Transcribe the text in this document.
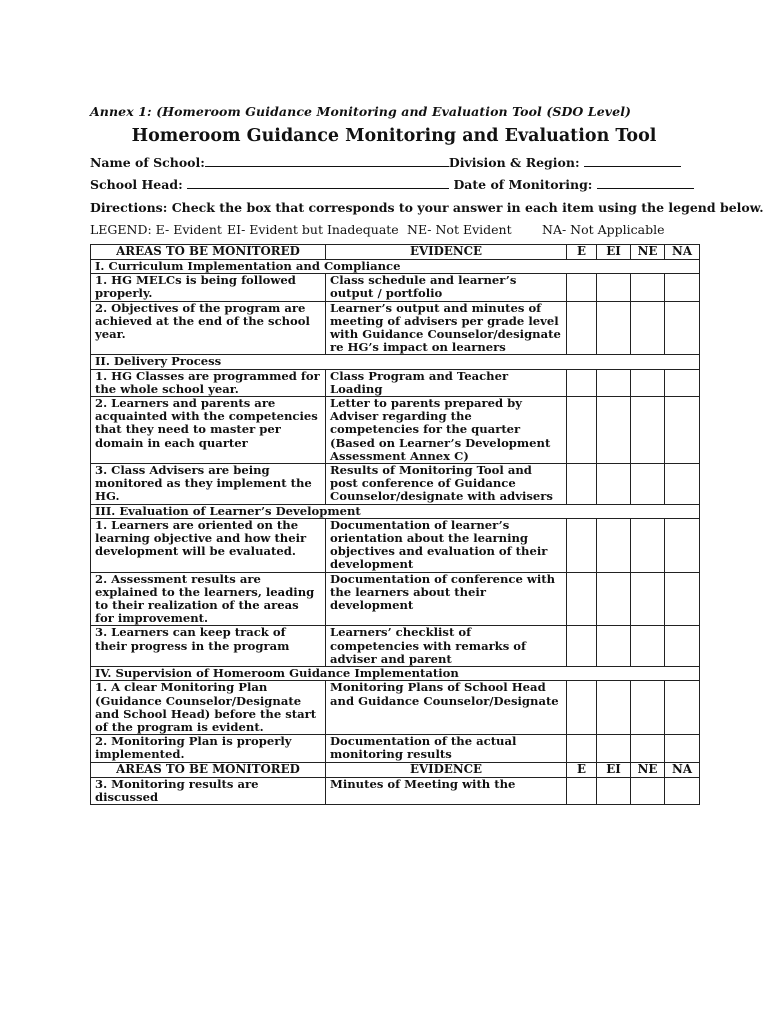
Annex 1: (Homeroom Guidance Monitoring and Evaluation Tool (SDO Level)
Homeroom Guidance Monitoring and Evaluation Tool
Name of School:	Division & Region:
School Head:	Date of Monitoring:
Directions: Check the box that corresponds to your answer in each item using the legend below.
LEGEND: E- Evident EI- Evident but Inadequate NE- Not Evident NA- Not Applicable
AREAS TO BE MONITORED	EVIDENCE	E	EI	NE	NA
I. Curriculum Implementation and Compliance					
1. HG MELCs is being followed properly.	Class schedule and learner’s output / portfolio				
2. Objectives of the program are achieved at the end of the school year.	Learner’s output and minutes of meeting of advisers per grade level with Guidance Counselor/designate re HG’s impact on learners				
II. Delivery Process					
1. HG Classes are programmed for the whole school year.	Class Program and Teacher Loading				
2. Learners and parents are acquainted with the competencies that they need to master per domain in each quarter	Letter to parents prepared by Adviser regarding the competencies for the quarter (Based on Learner’s Development Assessment Annex C)				
3. Class Advisers are being monitored as they implement the HG.	Results of Monitoring Tool and post conference of Guidance Counselor/designate with advisers				
III. Evaluation of Learner’s Development					
1. Learners are oriented on the learning objective and how their development will be evaluated.	Documentation of learner’s orientation about the learning objectives and evaluation of their development				
2. Assessment results are explained to the learners, leading to their realization of the areas for improvement.	Documentation of conference with the learners about their development				
3. Learners can keep track of their progress in the program	Learners’ checklist of competencies with remarks of adviser and parent				
IV. Supervision of Homeroom Guidance Implementation					
1. A clear Monitoring Plan (Guidance Counselor/Designate and School Head) before the start of the program is evident.	Monitoring Plans of School Head and Guidance Counselor/Designate				
2. Monitoring Plan is properly implemented.	Documentation of the actual monitoring results				
AREAS TO BE MONITORED	EVIDENCE	E	EI	NE	NA
3. Monitoring results are discussed	Minutes of Meeting with the				
